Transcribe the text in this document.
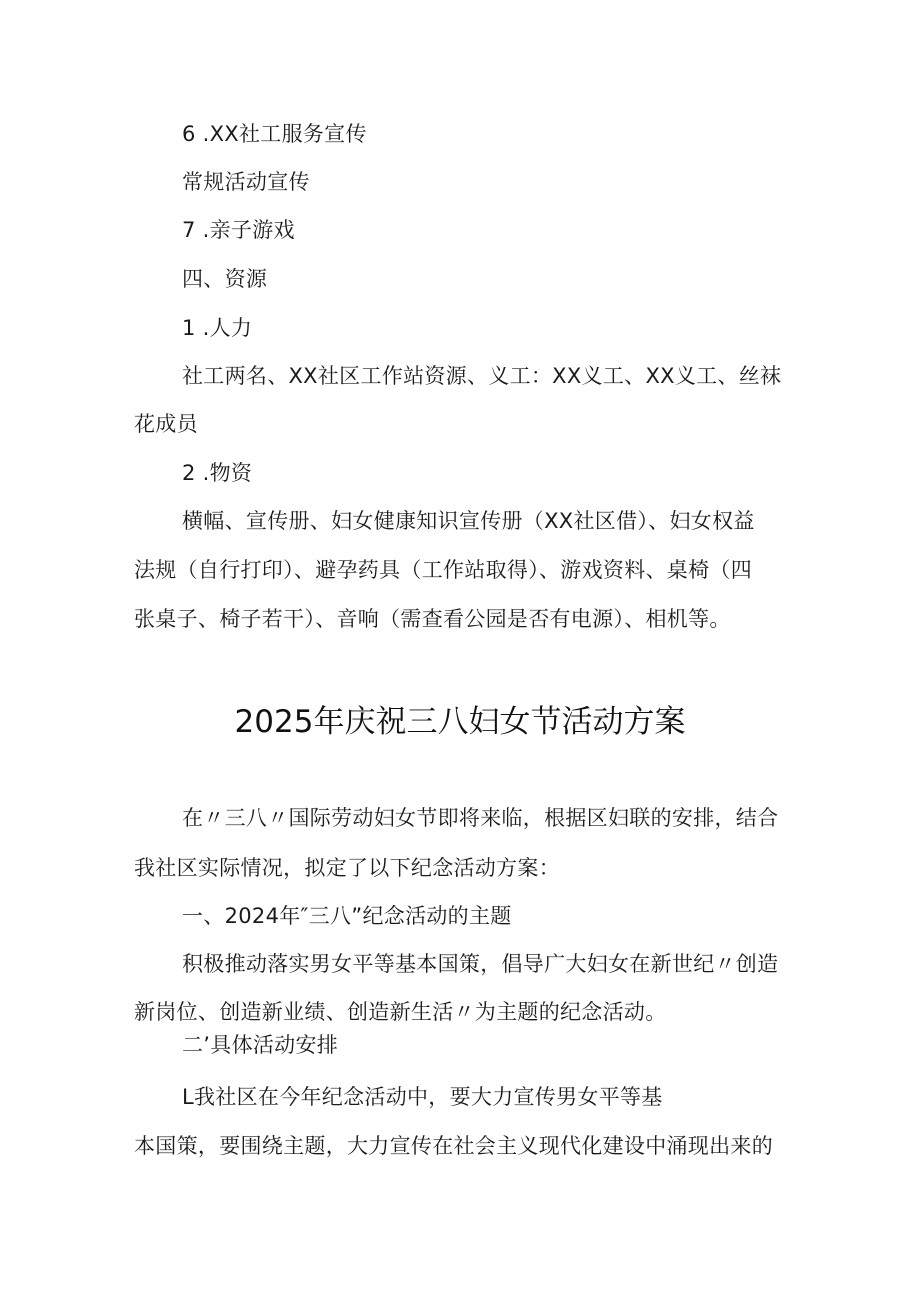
6 .XX社工服务宣传
常规活动宣传
7 .亲子游戏
四、资源
1 .人力
社工两名、XX社区工作站资源、义工：XX义工、XX义工、丝袜
花成员
2 .物资
横幅、宣传册、妇女健康知识宣传册（XX社区借）、妇女权益
法规（自行打印）、避孕药具（工作站取得）、游戏资料、桌椅（四
张桌子、椅子若干）、音响（需查看公园是否有电源）、相机等。
2025年庆祝三八妇女节活动方案
在〃三八〃国际劳动妇女节即将来临，根据区妇联的安排，结合
我社区实际情况，拟定了以下纪念活动方案：
一、2024年″三八”纪念活动的主题
积极推动落实男女平等基本国策，倡导广大妇女在新世纪〃创造
新岗位、创造新业绩、创造新生活〃为主题的纪念活动。
二’具体活动安排
L我社区在今年纪念活动中，要大力宣传男女平等基
本国策，要围绕主题，大力宣传在社会主义现代化建设中涌现出来的
